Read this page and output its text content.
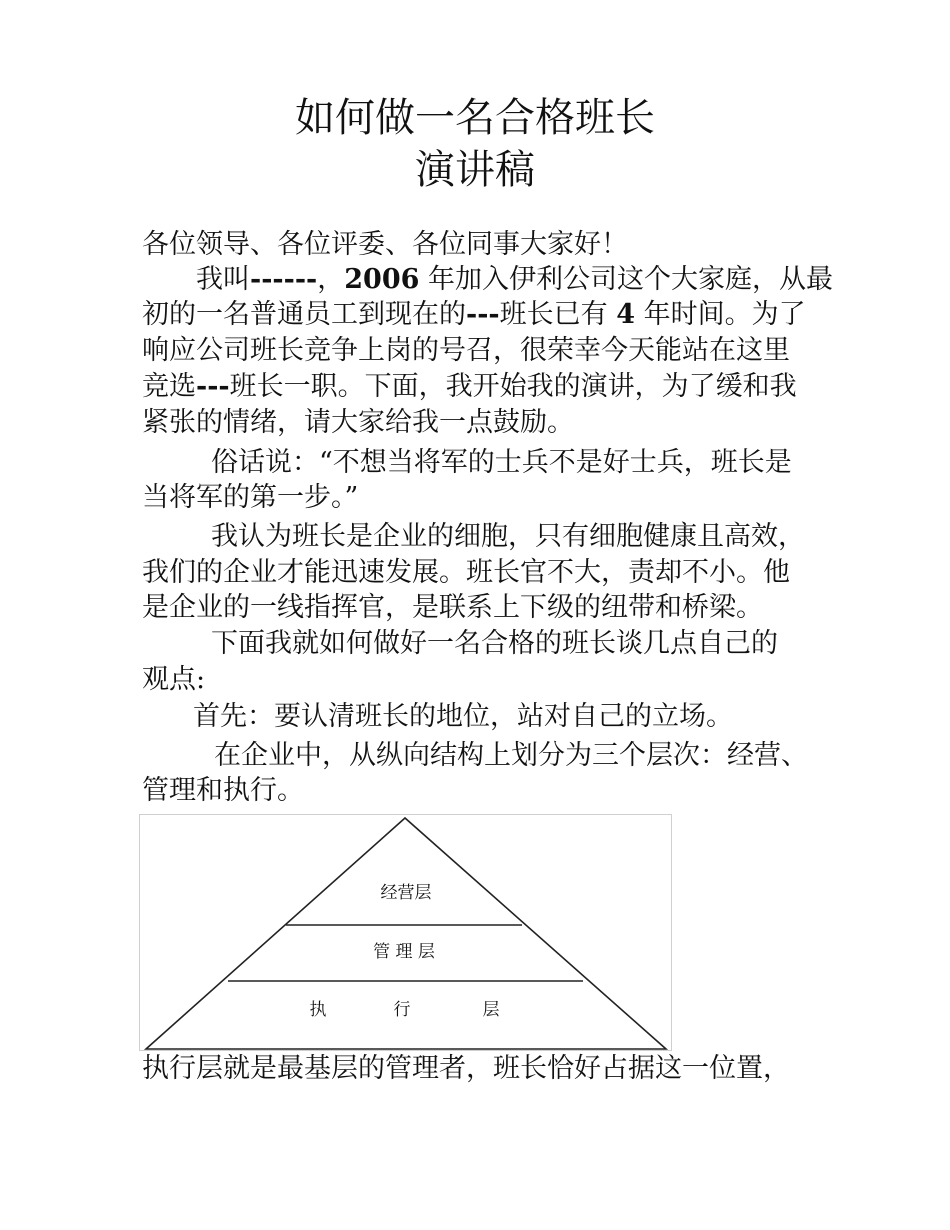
如何做一名合格班长
演讲稿
各位领导、各位评委、各位同事大家好！
我叫------，2006 年加入伊利公司这个大家庭，从最
初的一名普通员工到现在的---班长已有 4 年时间。为了
响应公司班长竞争上岗的号召，很荣幸今天能站在这里
竞选---班长一职。下面，我开始我的演讲，为了缓和我
紧张的情绪，请大家给我一点鼓励。
俗话说：“不想当将军的士兵不是好士兵，班长是
当将军的第一步。”
我认为班长是企业的细胞，只有细胞健康且高效，
我们的企业才能迅速发展。班长官不大，责却不小。他
是企业的一线指挥官，是联系上下级的纽带和桥梁。
下面我就如何做好一名合格的班长谈几点自己的
观点:
首先：要认清班长的地位，站对自己的立场。
在企业中，从纵向结构上划分为三个层次：经营、
管理和执行。
经营层
管 理 层
执	行	层
执行层就是最基层的管理者，班长恰好占据这一位置，
